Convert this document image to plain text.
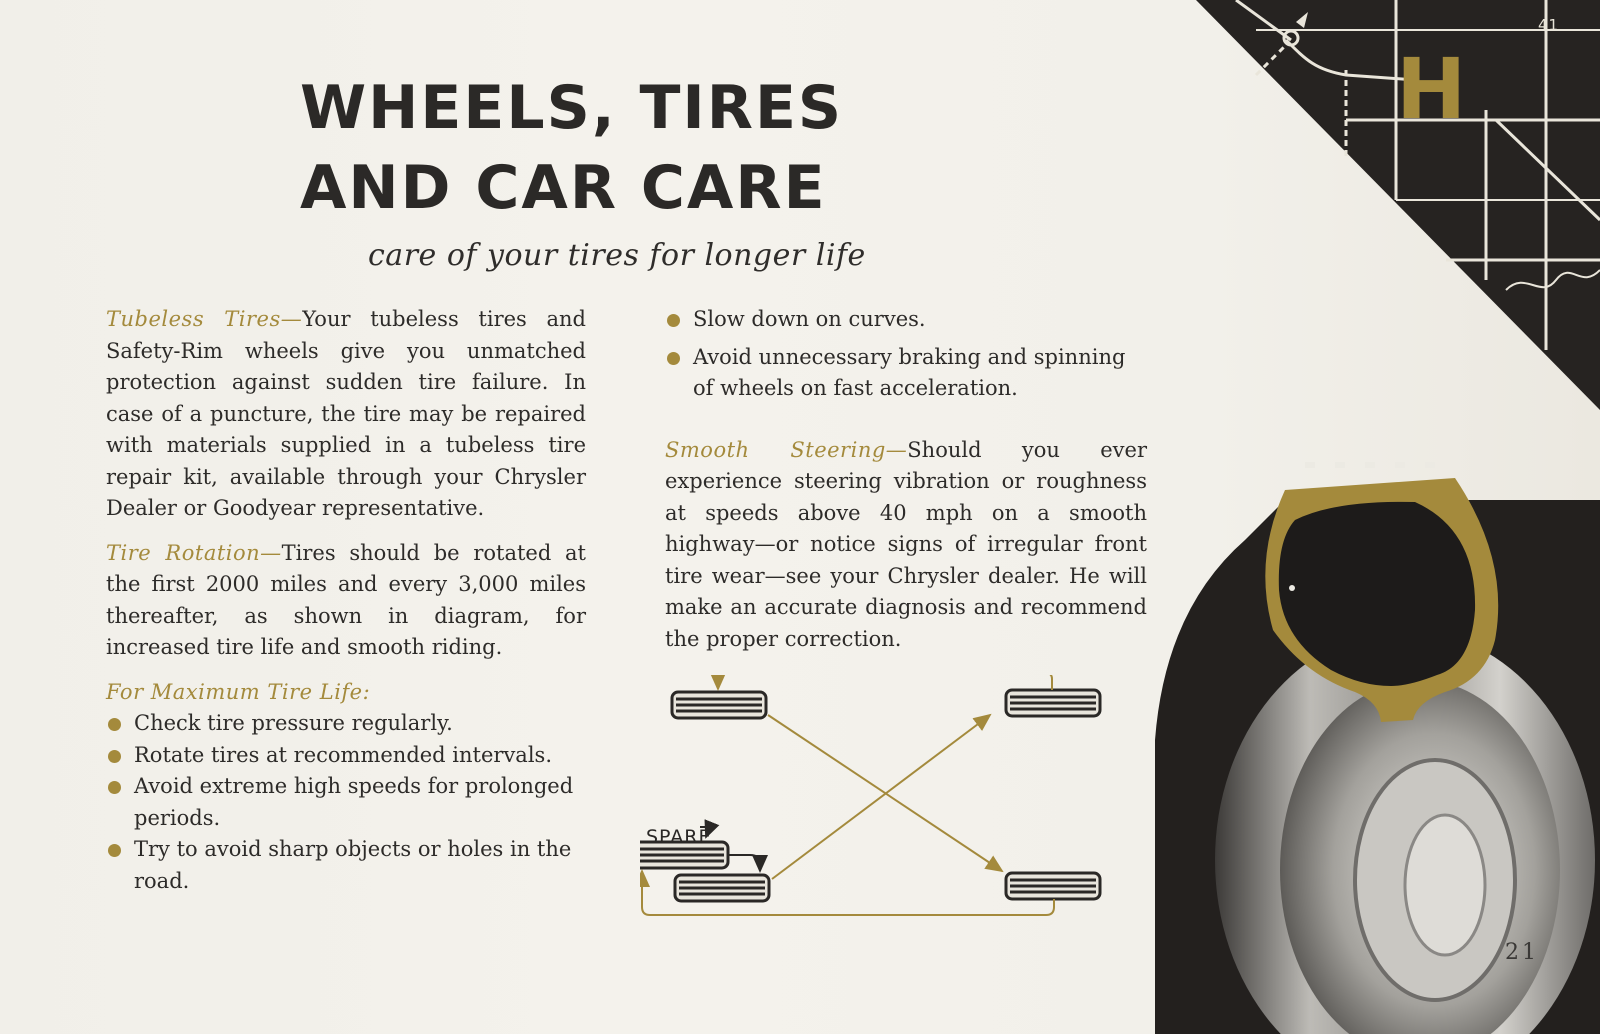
H
41
WHEELS, TIRES
AND CAR CARE
care of your tires for longer life

Tubeless Tires—Your tubeless tires and Safety-Rim wheels give you unmatched protection against sudden tire failure. In case of a puncture, the tire may be repaired with materials supplied in a tubeless tire repair kit, available through your Chrysler Dealer or Goodyear representative.

Tire Rotation—Tires should be rotated at the first 2000 miles and every 3,000 miles thereafter, as shown in diagram, for increased tire life and smooth riding.

For Maximum Tire Life:

Check tire pressure regularly.
Rotate tires at recommended intervals.
Avoid extreme high speeds for prolonged periods.
Try to avoid sharp objects or holes in the road.
Slow down on curves.
Avoid unnecessary braking and spinning of wheels on fast acceleration.

Smooth Steering—Should you ever experience steering vibration or roughness at speeds above 40 mph on a smooth highway—or notice signs of irregular front tire wear—see your Chrysler dealer. He will make an accurate diagnosis and recommend the proper correction.

SPARE
21
